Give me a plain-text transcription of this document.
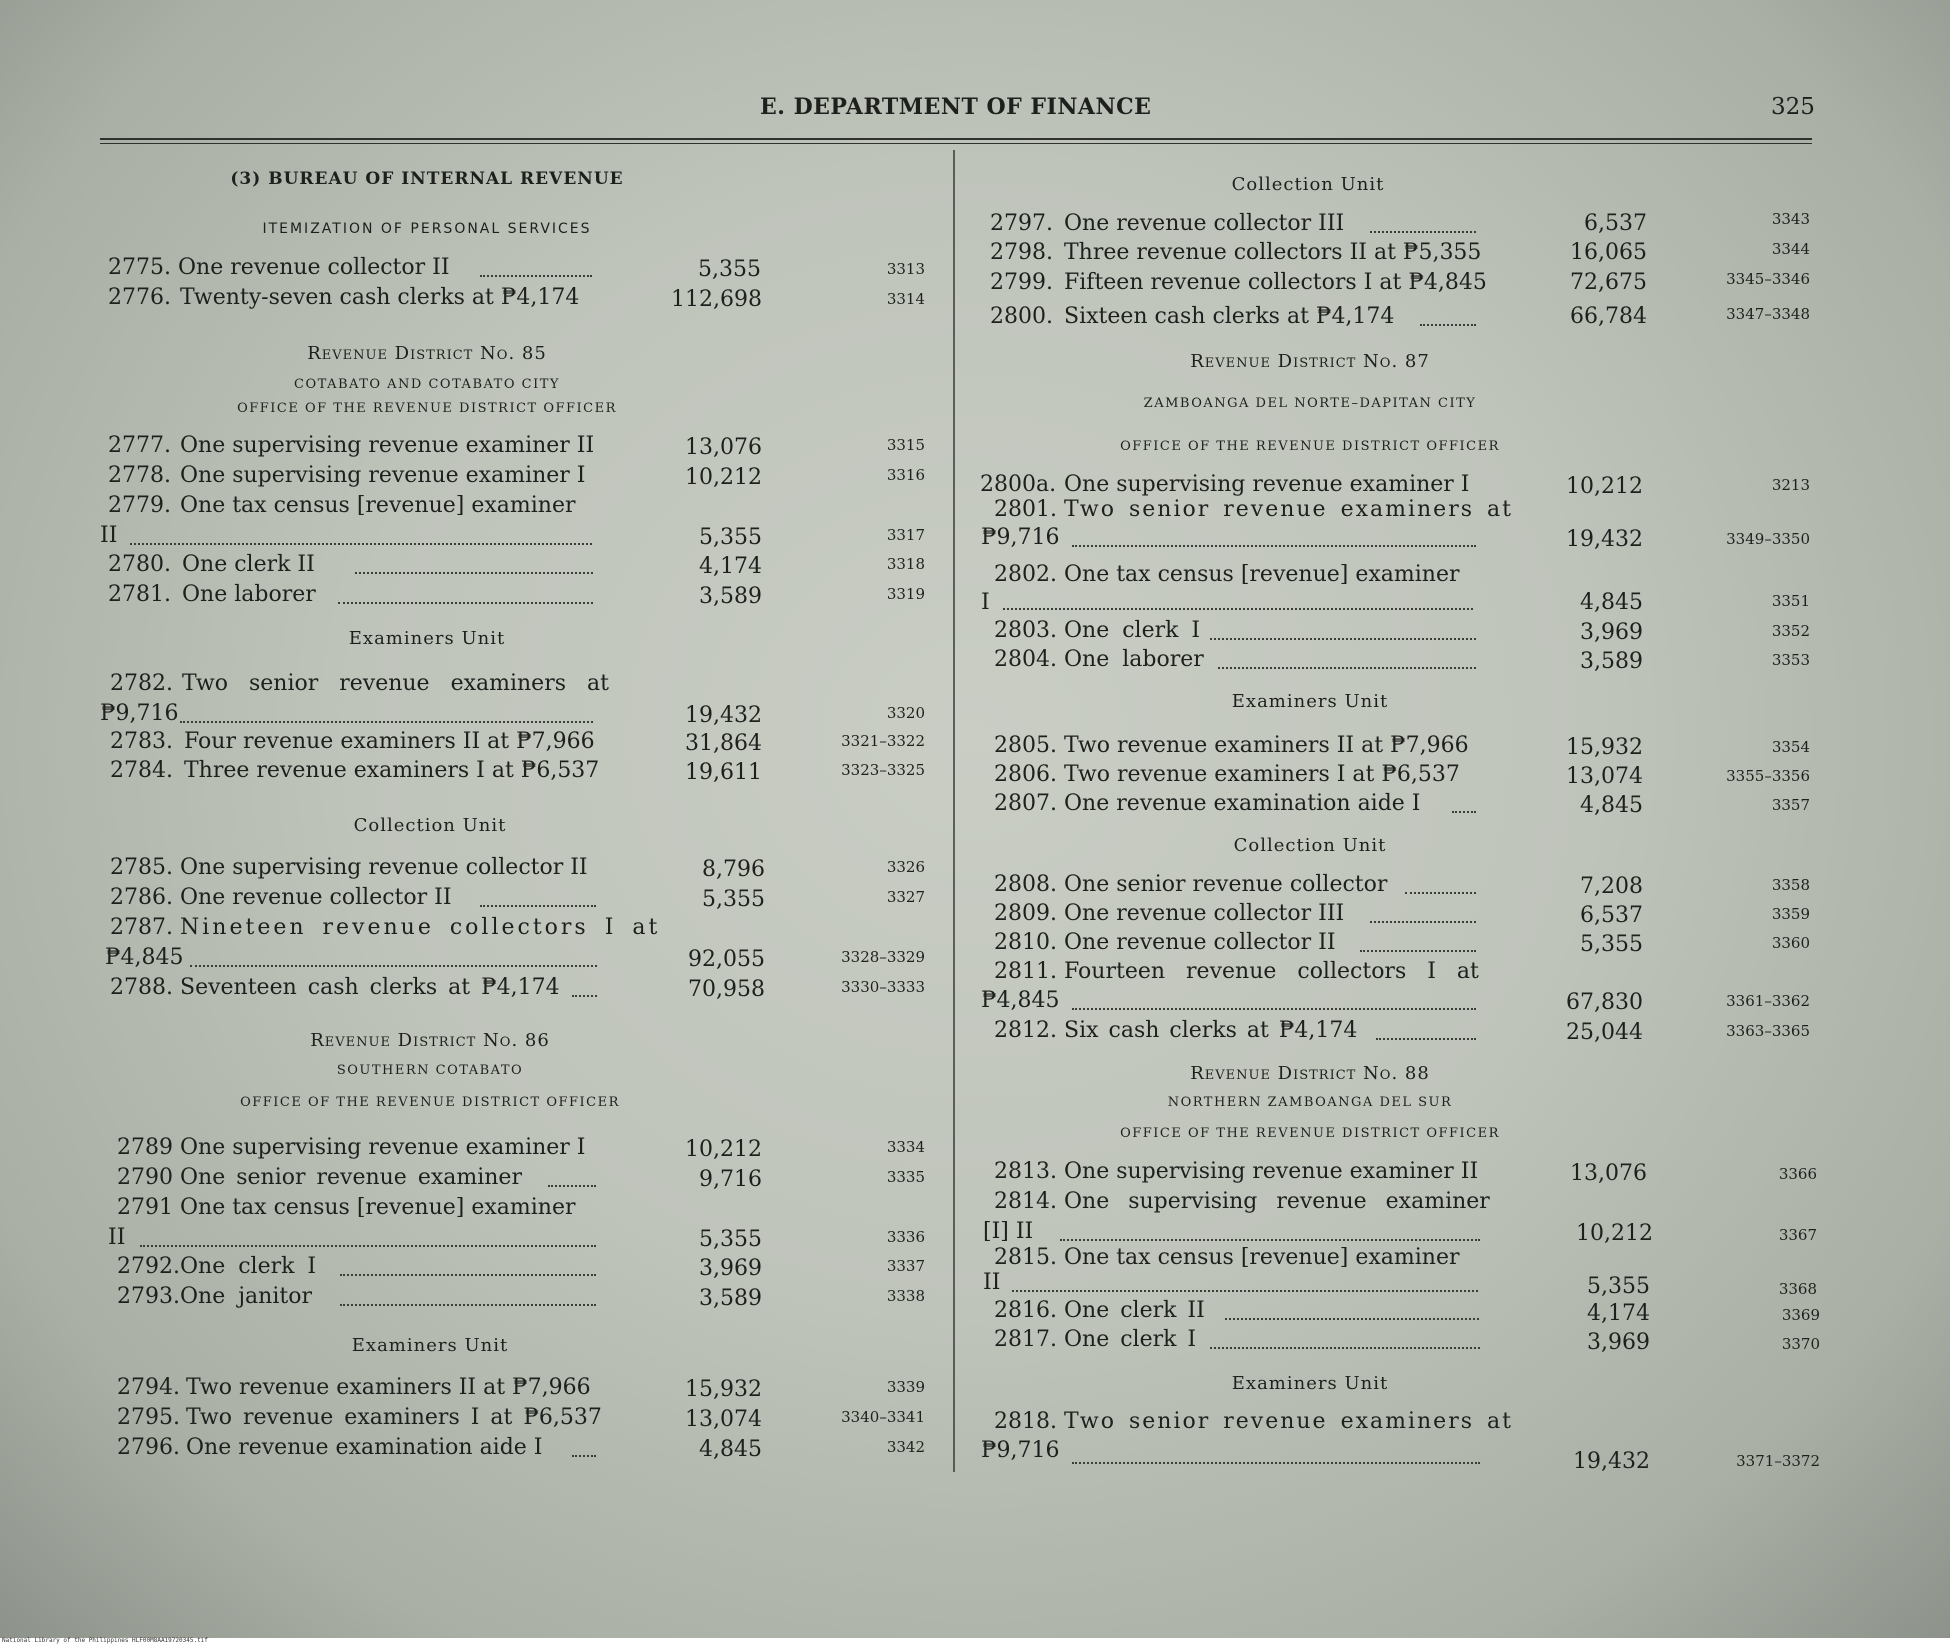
E. DEPARTMENT OF FINANCE	325
(3) BUREAU OF INTERNAL REVENUE
ITEMIZATION OF PERSONAL SERVICES
2775. One revenue collector II	5,355	3313
2776. Twenty-seven cash clerks at ₱4,174	112,698	3314
Revenue District No. 85
COTABATO AND COTABATO CITY
OFFICE OF THE REVENUE DISTRICT OFFICER
2777. One supervising revenue examiner II	13,076	3315
2778. One supervising revenue examiner I	10,212	3316
2779. One tax census [revenue] examiner
II	5,355	3317
2780. One clerk II	4,174	3318
2781. One laborer	3,589	3319
Examiners Unit
2782. Two senior revenue examiners at
₱9,716	19,432	3320
2783. Four revenue examiners II at ₱7,966	31,864	3321–3322
2784. Three revenue examiners I at ₱6,537	19,611	3323–3325
Collection Unit
2785. One supervising revenue collector II	8,796	3326
2786. One revenue collector II	5,355	3327
2787. Nineteen revenue collectors I at
₱4,845	92,055	3328–3329
2788. Seventeen cash clerks at ₱4,174	70,958	3330–3333
Revenue District No. 86
SOUTHERN COTABATO
OFFICE OF THE REVENUE DISTRICT OFFICER
2789 One supervising revenue examiner I	10,212	3334
2790 One senior revenue examiner	9,716	3335
2791 One tax census [revenue] examiner
II	5,355	3336
2792. One clerk I	3,969	3337
2793. One janitor	3,589	3338
Examiners Unit
2794. Two revenue examiners II at ₱7,966	15,932	3339
2795. Two revenue examiners I at ₱6,537	13,074	3340–3341
2796. One revenue examination aide I	4,845	3342
Collection Unit
2797. One revenue collector III	6,537	3343
2798. Three revenue collectors II at ₱5,355	16,065	3344
2799. Fifteen revenue collectors I at ₱4,845	72,675	3345–3346
2800. Sixteen cash clerks at ₱4,174	66,784	3347–3348
Revenue District No. 87
ZAMBOANGA DEL NORTE–DAPITAN CITY
OFFICE OF THE REVENUE DISTRICT OFFICER
2800a. One supervising revenue examiner I	10,212	3213
2801. Two senior revenue examiners at
₱9,716	19,432	3349–3350
2802. One tax census [revenue] examiner
I	4,845	3351
2803. One clerk I	3,969	3352
2804. One laborer	3,589	3353
Examiners Unit
2805. Two revenue examiners II at ₱7,966	15,932	3354
2806. Two revenue examiners I at ₱6,537	13,074	3355–3356
2807. One revenue examination aide I	4,845	3357
Collection Unit
2808. One senior revenue collector	7,208	3358
2809. One revenue collector III	6,537	3359
2810. One revenue collector II	5,355	3360
2811. Fourteen revenue collectors I at
₱4,845	67,830	3361–3362
2812. Six cash clerks at ₱4,174	25,044	3363–3365
Revenue District No. 88
NORTHERN ZAMBOANGA DEL SUR
OFFICE OF THE REVENUE DISTRICT OFFICER
2813. One supervising revenue examiner II	13,076	3366
2814. One supervising revenue examiner
[I] II	10,212	3367
2815. One tax census [revenue] examiner
II	5,355	3368
2816. One clerk II	4,174	3369
2817. One clerk I	3,969	3370
Examiners Unit
2818. Two senior revenue examiners at
₱9,716	19,432	3371–3372
National Library of the Philippines HLF00M8AA19720345.tif
